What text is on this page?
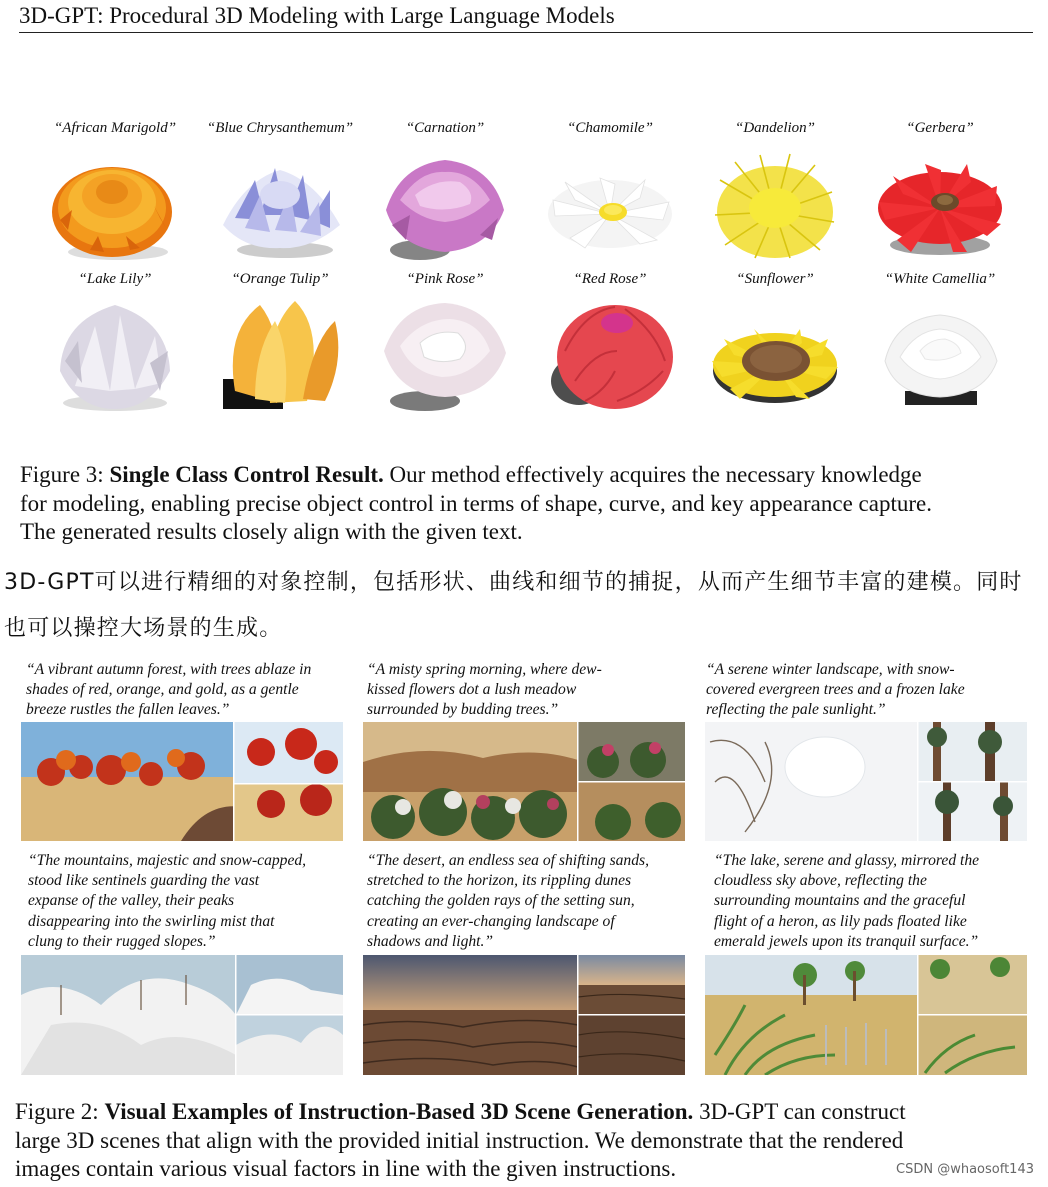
3D-GPT: Procedural 3D Modeling with Large Language Models
“African Marigold”	“Blue Chrysanthemum”	“Carnation”	“Chamomile”	“Dandelion”	“Gerbera”
“Lake Lily”	“Orange Tulip”	“Pink Rose”	“Red Rose”	“Sunflower”	“White Camellia”
Figure 3: Single Class Control Result. Our method effectively acquires the necessary knowledge
for modeling, enabling precise object control in terms of shape, curve, and key appearance capture.
The generated results closely align with the given text.
3D-GPT可以进行精细的对象控制，包括形状、曲线和细节的捕捉，从而产生细节丰富的建模。同时也可以操控大场景的生成。
“A vibrant autumn forest, with trees ablaze in
shades of red, orange, and gold, as a gentle
breeze rustles the fallen leaves.”
“A misty spring morning, where dew-
kissed flowers dot a lush meadow
surrounded by budding trees.”
“A serene winter landscape, with snow-
covered evergreen trees and a frozen lake
reflecting the pale sunlight.”
“The mountains, majestic and snow-capped,
stood like sentinels guarding the vast
expanse of the valley, their peaks
disappearing into the swirling mist that
clung to their rugged slopes.”
“The desert, an endless sea of shifting sands,
stretched to the horizon, its rippling dunes
catching the golden rays of the setting sun,
creating an ever-changing landscape of
shadows and light.”
“The lake, serene and glassy, mirrored the
cloudless sky above, reflecting the
surrounding mountains and the graceful
flight of a heron, as lily pads floated like
emerald jewels upon its tranquil surface.”
Figure 2: Visual Examples of Instruction-Based 3D Scene Generation. 3D-GPT can construct
large 3D scenes that align with the provided initial instruction. We demonstrate that the rendered
images contain various visual factors in line with the given instructions.	CSDN @whaosoft143
